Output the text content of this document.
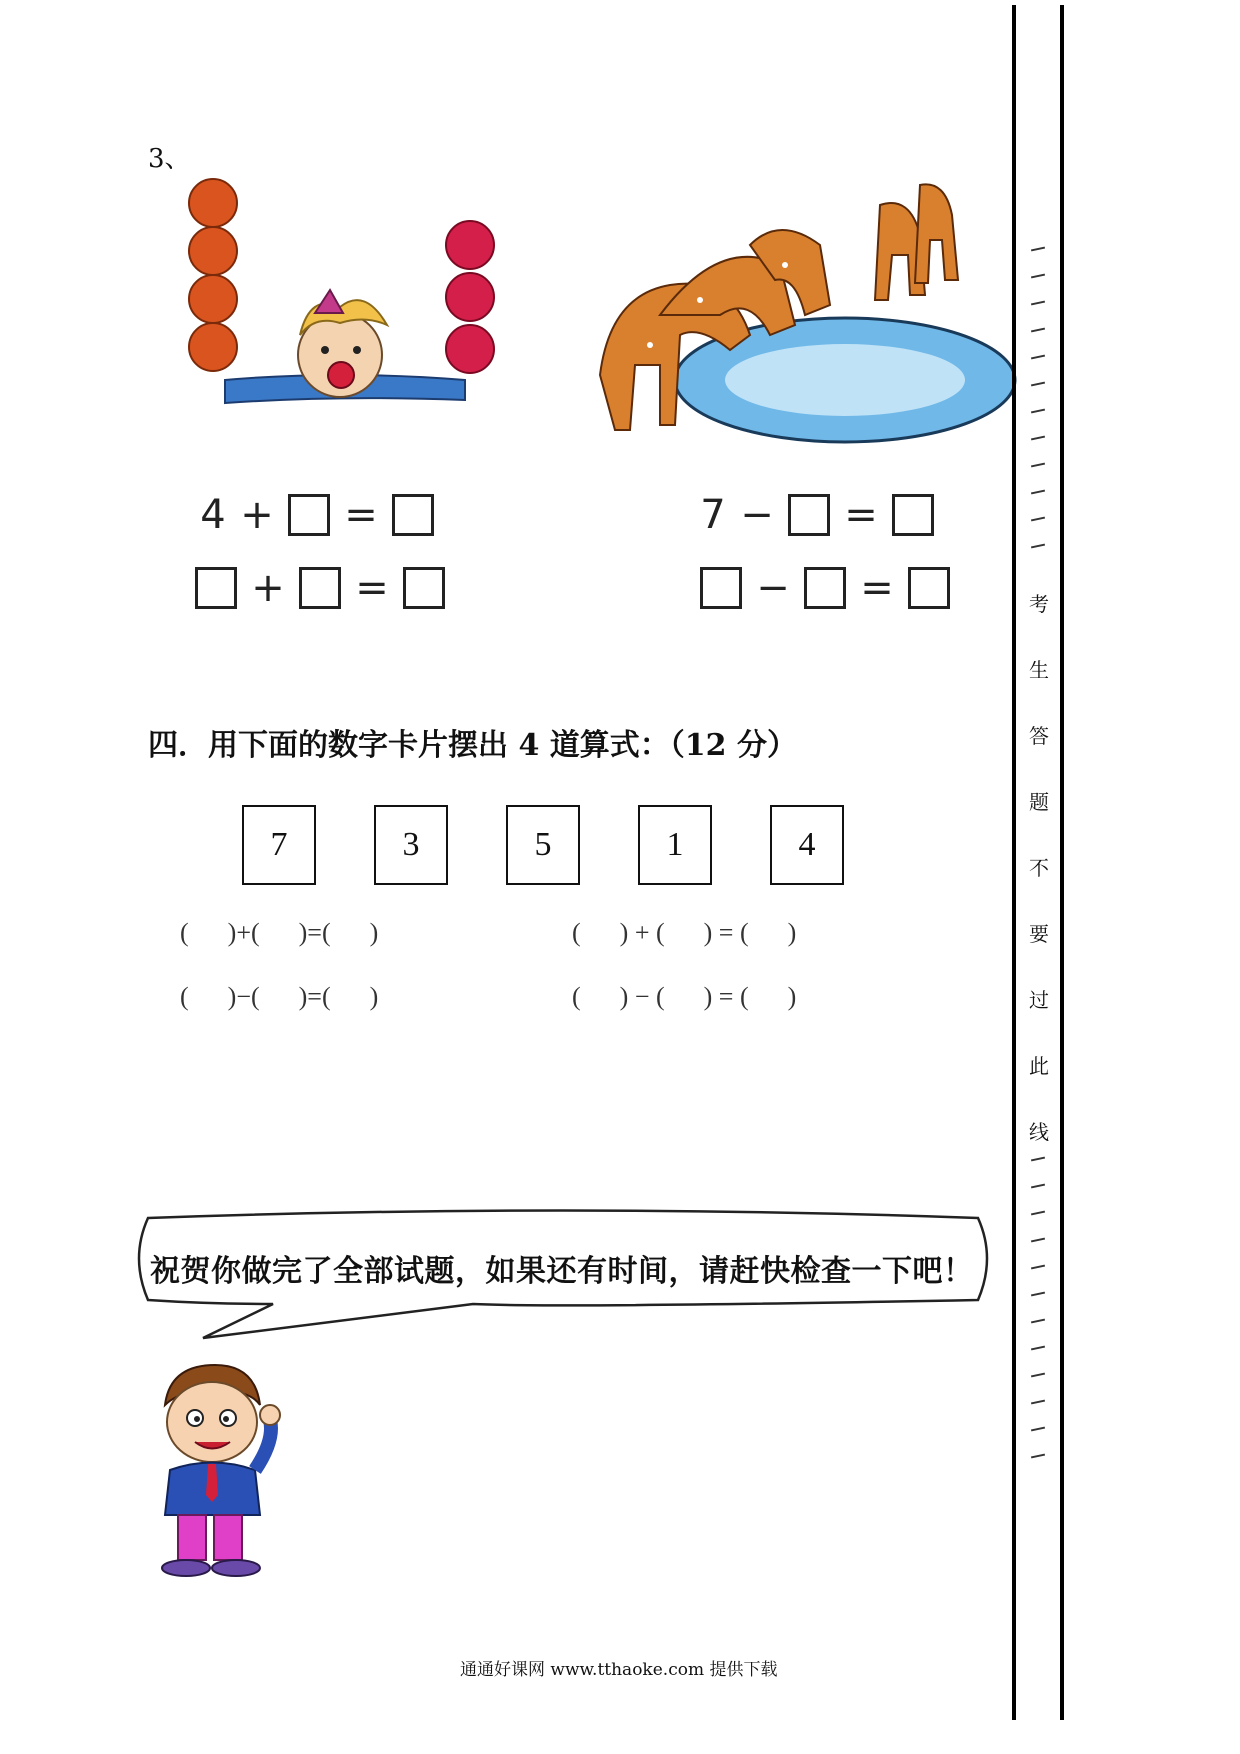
3、
4 + =
+ =
7 − =
− =
四．用下面的数字卡片摆出 4 道算式：（12 分）
7	3	5	1	4
(      )+(      )=(      )	(      ) + (      ) = (      )
(      )−(      )=(      )	(      ) − (      ) = (      )
祝贺你做完了全部试题，如果还有时间，请赶快检查一下吧！
通通好课网 www.tthaoke.com 提供下载
考
生
答
题
不
要
过
此
线
